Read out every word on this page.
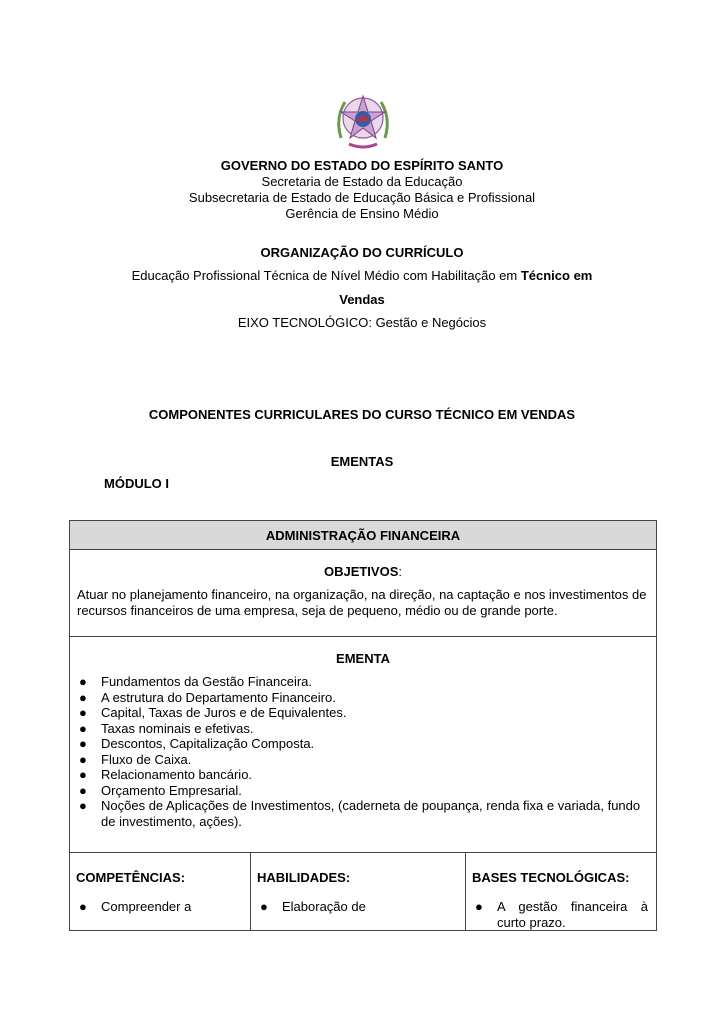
GOVERNO DO ESTADO DO ESPÍRITO SANTO
Secretaria de Estado da Educação
Subsecretaria de Estado de Educação Básica e Profissional
Gerência de Ensino Médio
ORGANIZAÇÃO DO CURRÍCULO
Educação Profissional Técnica de Nível Médio com Habilitação em Técnico em
Vendas
EIXO TECNOLÓGICO: Gestão e Negócios
COMPONENTES CURRICULARES DO CURSO TÉCNICO EM VENDAS
EMENTAS
MÓDULO I
ADMINISTRAÇÃO FINANCEIRA

OBJETIVOS:
Atuar no planejamento financeiro, na organização, na direção, na captação e nos investimentos de recursos financeiros de uma empresa, seja de pequeno, médio ou de grande porte.

EMENTA
● Fundamentos da Gestão Financeira.
● A estrutura do Departamento Financeiro.
● Capital, Taxas de Juros e de Equivalentes.
● Taxas nominais e efetivas.
● Descontos, Capitalização Composta.
● Fluxo de Caixa.
● Relacionamento bancário.
● Orçamento Empresarial.
● Noções de Aplicações de Investimentos, (caderneta de poupança, renda fixa e variada, fundo de investimento, ações).

COMPETÊNCIAS:
● Compreender a

HABILIDADES:
● Elaboração de

BASES TECNOLÓGICAS:
● A gestão financeira à curto prazo.
